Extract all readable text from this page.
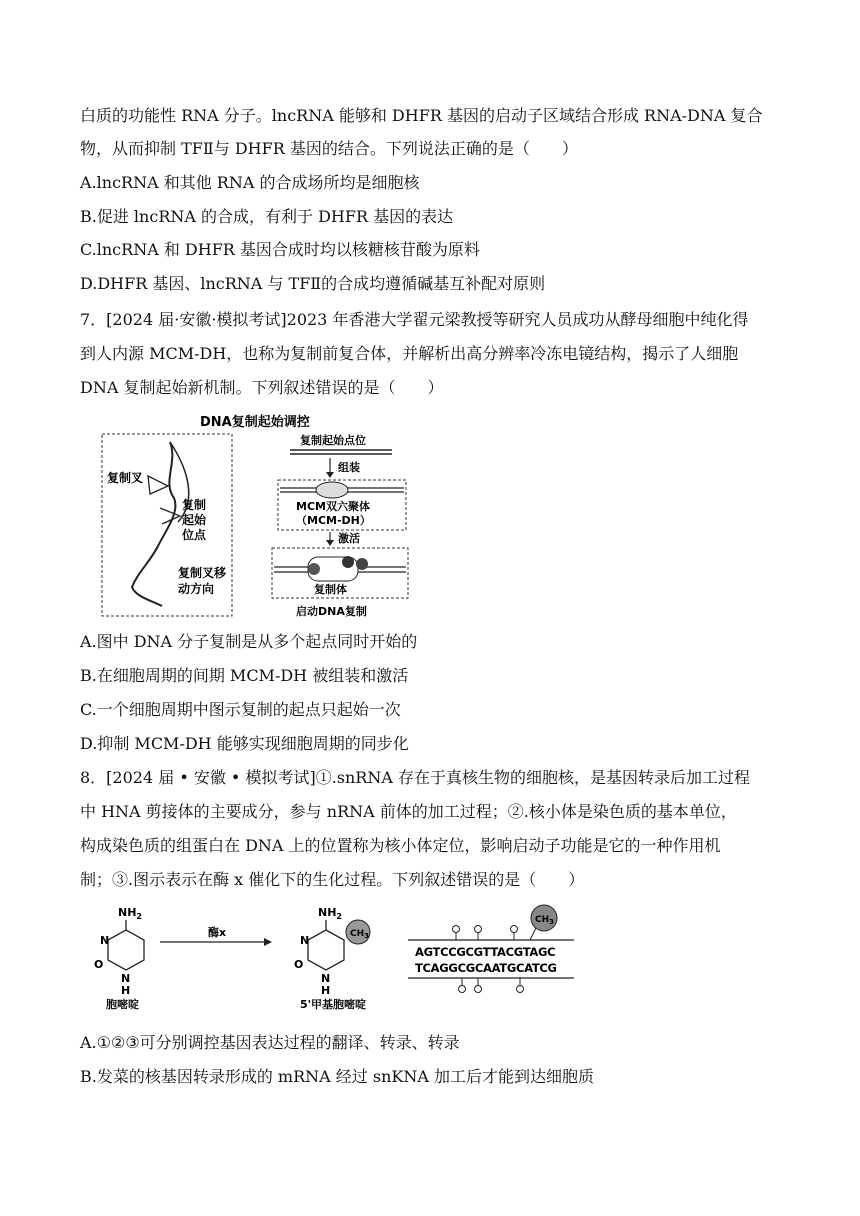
白质的功能性 RNA 分子。lncRNA 能够和 DHFR 基因的启动子区域结合形成 RNA-DNA 复合
物，从而抑制 TFⅡ与 DHFR 基因的结合。下列说法正确的是（　　）
A.lncRNA 和其他 RNA 的合成场所均是细胞核
B.促进 lncRNA 的合成，有利于 DHFR 基因的表达
C.lncRNA 和 DHFR 基因合成时均以核糖核苷酸为原料
D.DHFR 基因、lncRNA 与 TFⅡ的合成均遵循碱基互补配对原则
7．[2024 届·安徽·模拟考试]2023 年香港大学翟元梁教授等研究人员成功从酵母细胞中纯化得
到人内源 MCM-DH，也称为复制前复合体，并解析出高分辨率冷冻电镜结构，揭示了人细胞
DNA 复制起始新机制。下列叙述错误的是（　　）
DNA复制起始调控
复制叉
复制
起始
位点
复制叉移
动方向
复制起始点位
组装
MCM双六聚体
（MCM-DH）
激活
复制体
启动DNA复制
A.图中 DNA 分子复制是从多个起点同时开始的
B.在细胞周期的间期 MCM-DH 被组装和激活
C.一个细胞周期中图示复制的起点只起始一次
D.抑制 MCM-DH 能够实现细胞周期的同步化
8．[2024 届 • 安徽 • 模拟考试]①.snRNA 存在于真核生物的细胞核，是基因转录后加工过程
中 HNA 剪接体的主要成分，参与 nRNA 前体的加工过程；②.核小体是染色质的基本单位，
构成染色质的组蛋白在 DNA 上的位置称为核小体定位，影响启动子功能是它的一种作用机
制；③.图示表示在酶 x 催化下的生化过程。下列叙述错误的是（　　）
$NH_2$
N
O
N
H
胞嘧啶
酶x
$NH_2$
$CH_3$
N
O
N
H
5'甲基胞嘧啶
$CH_3$
AGTCCGCGTTACGTAGC
TCAGGCGCAATGCATCG
A.①②③可分别调控基因表达过程的翻译、转录、转录
B.发菜的核基因转录形成的 mRNA 经过 snKNA 加工后才能到达细胞质
